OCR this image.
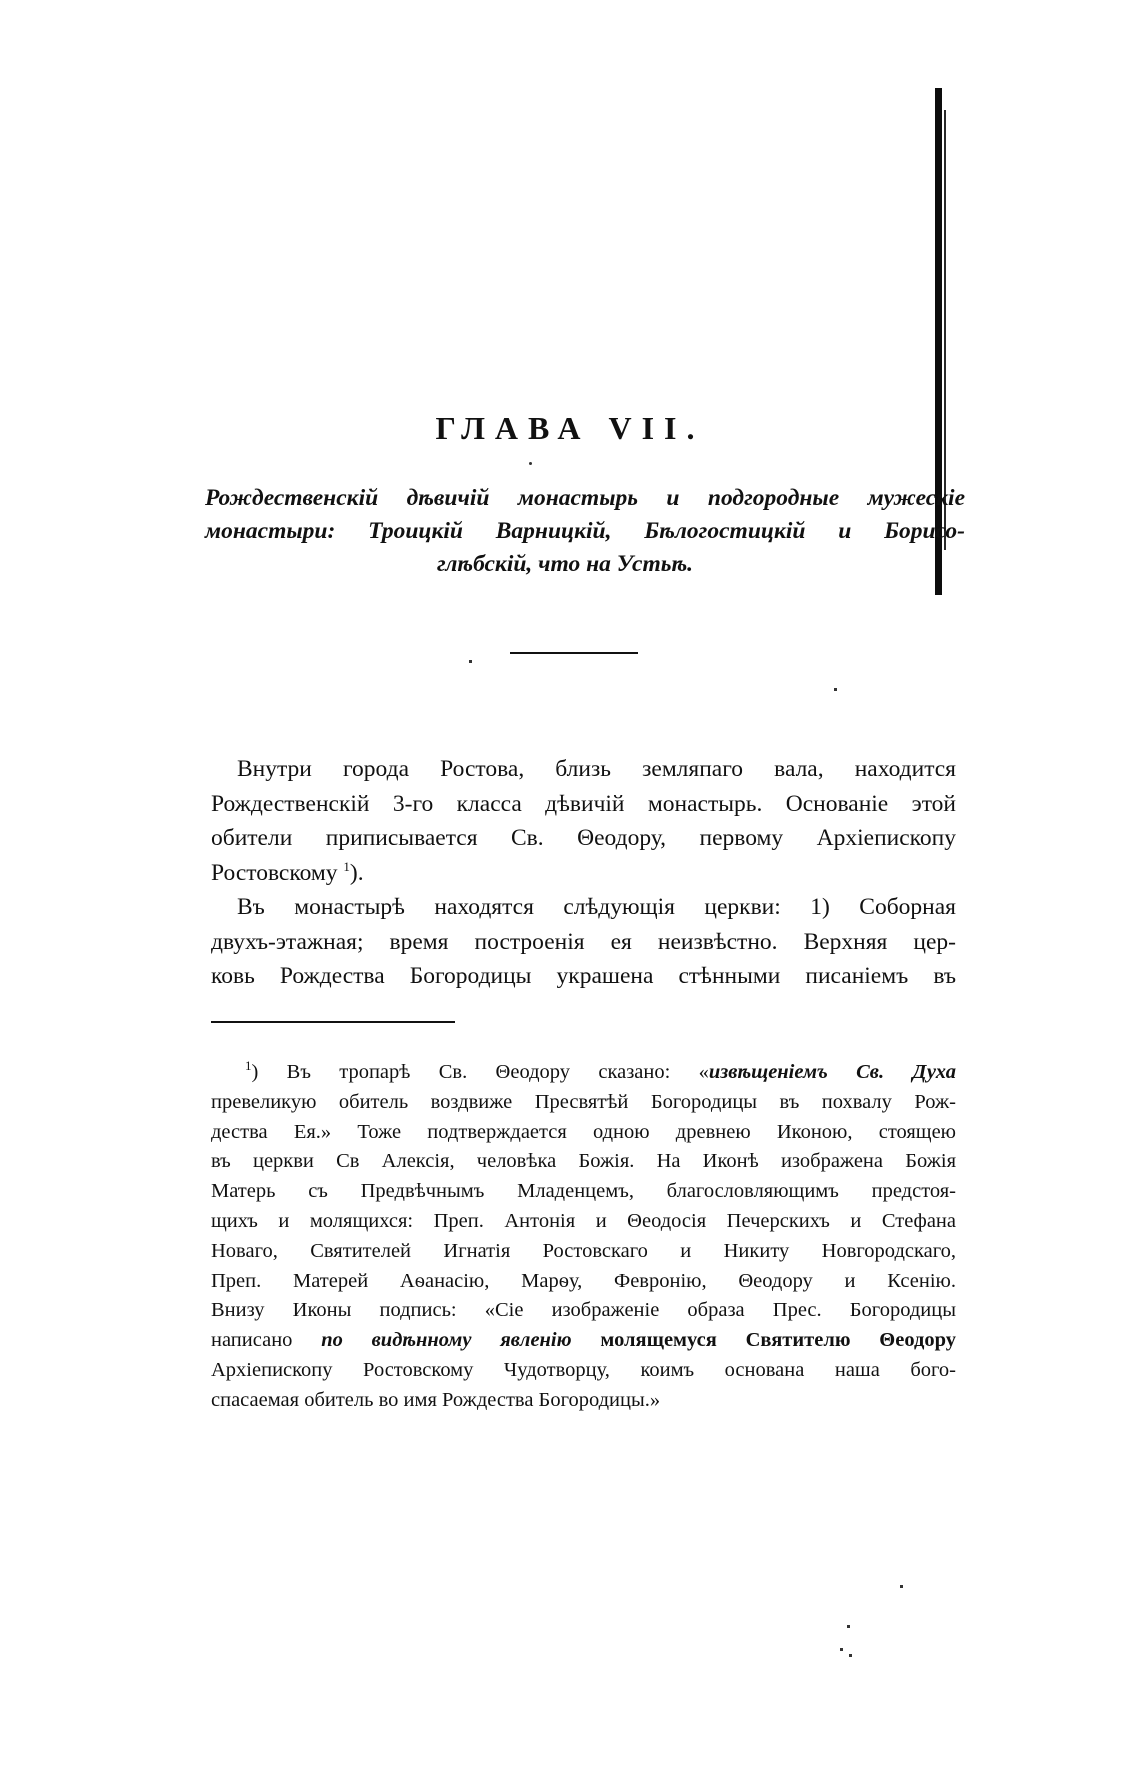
ГЛАВА VII.
Рождественскій дѣвичій монастырь и подгородные мужескіе
монастыри: Троицкій Варницкій, Бѣлогостицкій и Борисо-
глѣбскій, что на Устьѣ.
Внутри города Ростова, близь земляпаго вала, находится
Рождественскій 3-го класса дѣвичій монастырь. Основаніе этой
обители приписывается Св. Θеодору, первому Архіепископу
Ростовскому $^1$).
Въ монастырѣ находятся слѣдующія церкви: 1) Соборная
двухъ-этажная; время построенія ея неизвѣстно. Верхняя цер-
ковь Рождества Богородицы украшена стѣнными писаніемъ въ
$^1$) Въ тропарѣ Св. Θеодору сказано: «извѣщеніемъ Св. Духа
превеликую обитель воздвиже Пресвятѣй Богородицы въ похвалу Рож-
дества Ея.» Тоже подтверждается одною древнею Иконою, стоящею
въ церкви Св Алексія, человѣка Божія. На Иконѣ изображена Божія
Матерь съ Предвѣчнымъ Младенцемъ, благословляющимъ предстоя-
щихъ и молящихся: Преп. Антонія и Θеодосія Печерскихъ и Стефана
Новаго, Святителей Игнатія Ростовскаго и Никиту Новгородскаго,
Преп. Матерей Аѳанасію, Марѳу, Февронію, Θеодору и Ксенію.
Внизу Иконы подпись: «Сіе изображеніе образа Прес. Богородицы
написано по видѣнному явленію молящемуся Святителю Θеодору
Архіепископу Ростовскому Чудотворцу, коимъ основана наша бого-
спасаемая обитель во имя Рождества Богородицы.»
